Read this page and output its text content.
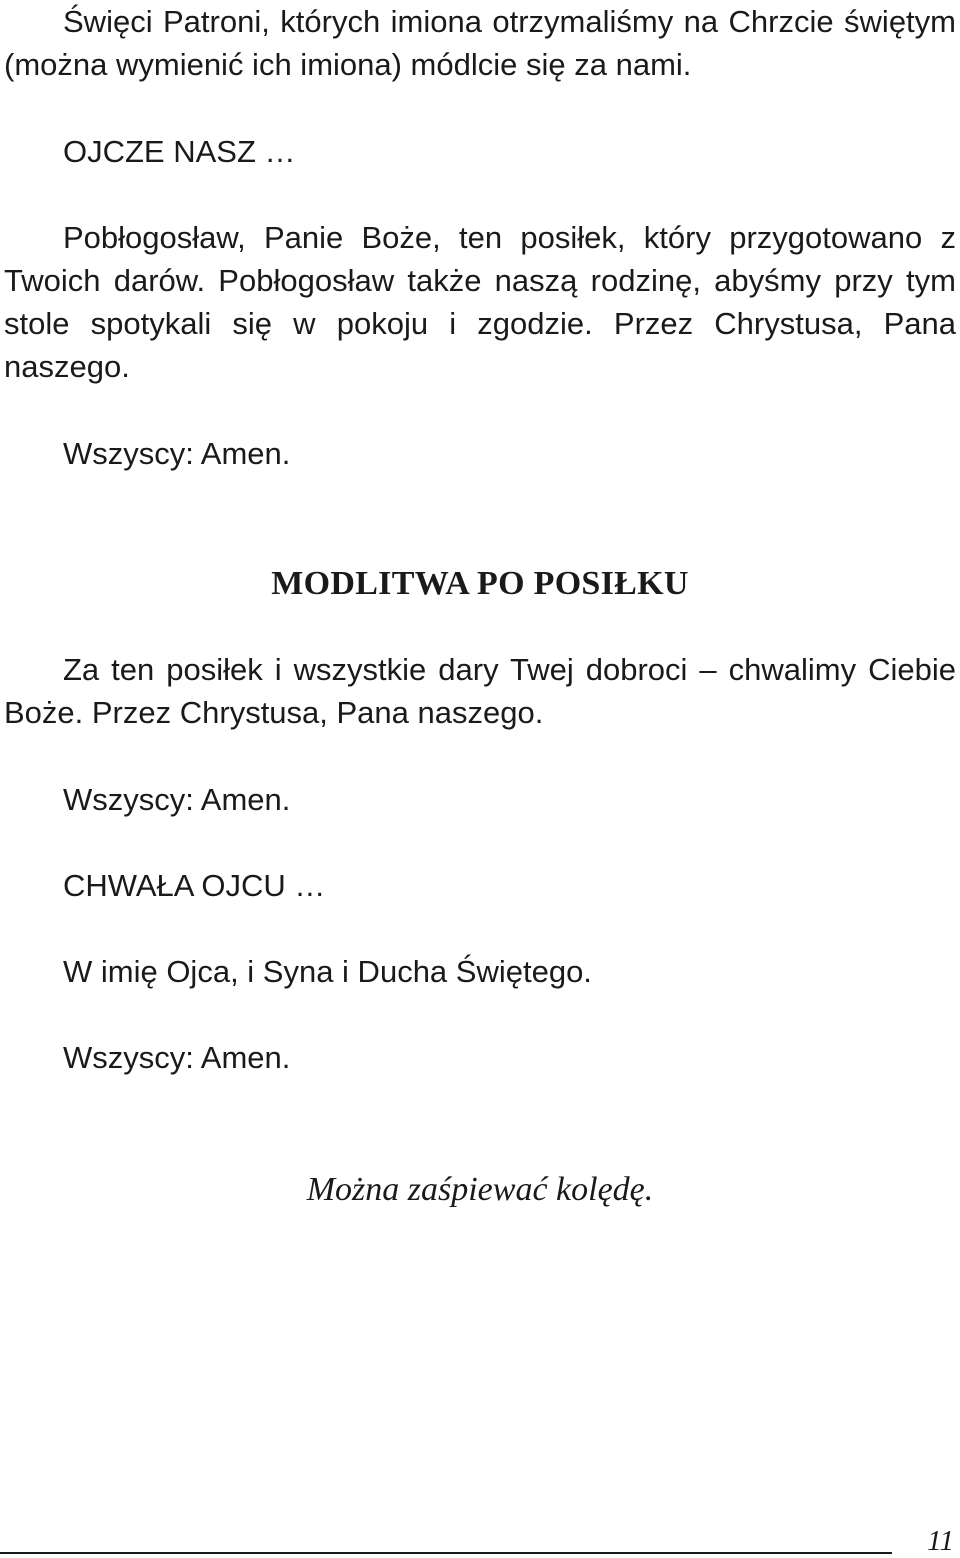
Święci Patroni, których imiona otrzymaliśmy na Chrzcie świętym (można wymienić ich imiona) módlcie się za nami.

OJCZE NASZ …

Pobłogosław, Panie Boże, ten posiłek, który przygotowano z Twoich darów. Pobłogosław także naszą rodzinę, abyśmy przy tym stole spotykali się w pokoju i zgodzie. Przez Chrystusa, Pana naszego.

Wszyscy: Amen.

MODLITWA PO POSIŁKU

Za ten posiłek i wszystkie dary Twej dobroci – chwalimy Ciebie Boże. Przez Chrystusa, Pana naszego.

Wszyscy: Amen.

CHWAŁA OJCU …

W imię Ojca, i Syna i Ducha Świętego.

Wszyscy: Amen.

Można zaśpiewać kolędę.

11
